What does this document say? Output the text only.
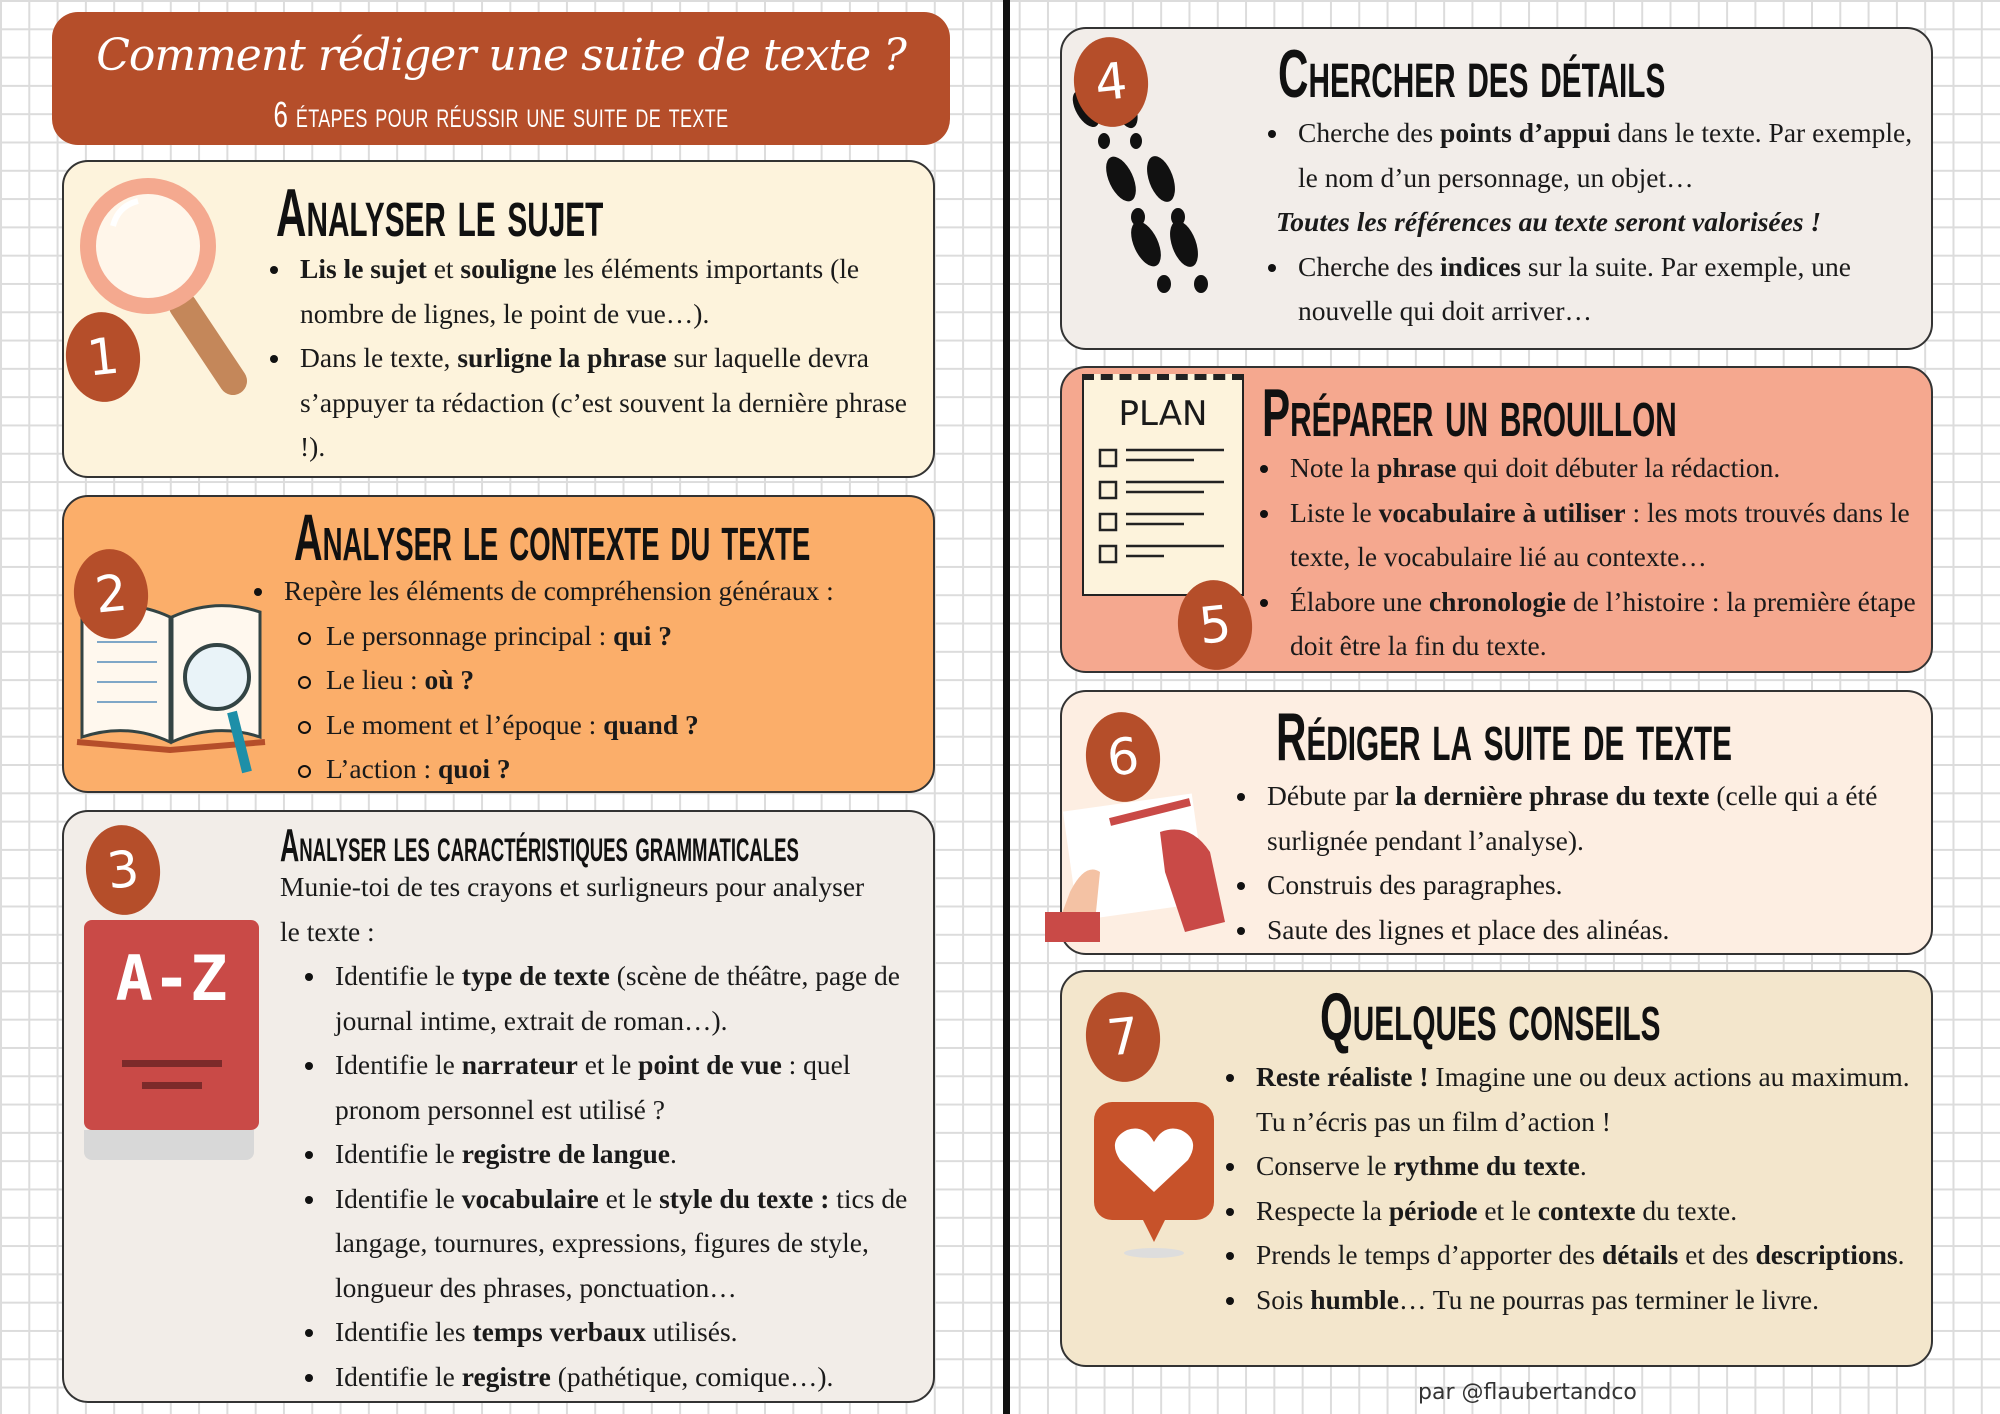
Comment rédiger une suite de texte ?
6 étapes pour réussir une suite de texte
1
Analyser le sujet
Lis le sujet et souligne les éléments importants (le nombre de lignes, le point de vue…).
Dans le texte, surligne la phrase sur laquelle devra s’appuyer ta rédaction (c’est souvent la dernière phrase !).
2
Analyser le contexte du texte
Repère les éléments de compréhension généraux :
Le personnage principal : qui ?
Le lieu : où ?
Le moment et l’époque : quand ?
L’action : quoi ?
3
A-Z
Analyser les caractéristiques grammaticales
Munie-toi de tes crayons et surligneurs pour analyser le texte :
Identifie le type de texte (scène de théâtre, page de journal intime, extrait de roman…).
Identifie le narrateur et le point de vue : quel pronom personnel est utilisé ?
Identifie le registre de langue.
Identifie le vocabulaire et le style du texte : tics de langage, tournures, expressions, figures de style, longueur des phrases, ponctuation…
Identifie les temps verbaux utilisés.
Identifie le registre (pathétique, comique…).
4	Chercher des détails
Cherche des points d’appui dans le texte. Par exemple, le nom d’un personnage, un objet…
Toutes les références au texte seront valorisées !
Cherche des indices sur la suite. Par exemple, une nouvelle qui doit arriver…
PLAN
5
Préparer un brouillon
Note la phrase qui doit débuter la rédaction.
Liste le vocabulaire à utiliser : les mots trouvés dans le texte, le vocabulaire lié au contexte…
Élabore une chronologie de l’histoire : la première étape doit être la fin du texte.
6	Rédiger la suite de texte
Débute par la dernière phrase du texte (celle qui a été surlignée pendant l’analyse).
Construis des paragraphes.
Saute des lignes et place des alinéas.
7	Quelques conseils
Reste réaliste ! Imagine une ou deux actions au maximum. Tu n’écris pas un film d’action !
Conserve le rythme du texte.
Respecte la période et le contexte du texte.
Prends le temps d’apporter des détails et des descriptions.
Sois humble… Tu ne pourras pas terminer le livre.
par @flaubertandco
